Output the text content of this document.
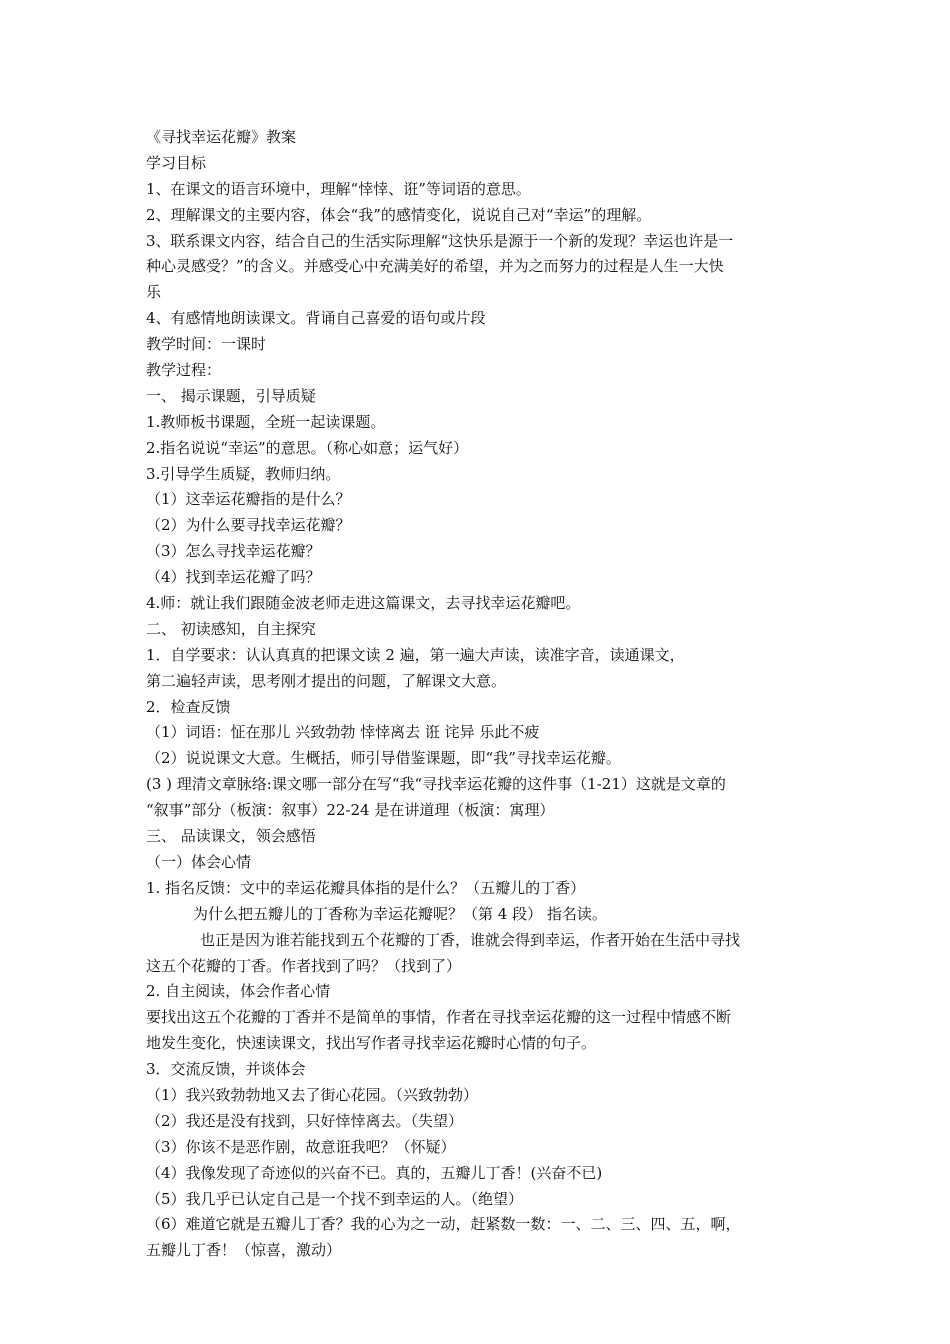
《寻找幸运花瓣》教案
学习目标
1、在课文的语言环境中，理解“悻悻、诳”等词语的意思。
2、理解课文的主要内容，体会“我”的感情变化，说说自己对“幸运”的理解。
3、联系课文内容，结合自己的生活实际理解“这快乐是源于一个新的发现？幸运也许是一
种心灵感受？”的含义。并感受心中充满美好的希望，并为之而努力的过程是人生一大快
乐
4、有感情地朗读课文。背诵自己喜爱的语句或片段
教学时间：一课时
教学过程：
一、 揭示课题，引导质疑
1.教师板书课题，全班一起读课题。
2.指名说说“幸运”的意思。（称心如意；运气好）
3.引导学生质疑，教师归纳。
（1）这幸运花瓣指的是什么？
（2）为什么要寻找幸运花瓣？
（3）怎么寻找幸运花瓣？
（4）找到幸运花瓣了吗？
4.师：就让我们跟随金波老师走进这篇课文，去寻找幸运花瓣吧。
二、 初读感知，自主探究
1．自学要求：认认真真的把课文读 2 遍，第一遍大声读，读准字音，读通课文，
第二遍轻声读，思考刚才提出的问题，了解课文大意。
2．检查反馈
（1）词语：怔在那儿 兴致勃勃 悻悻离去 诳 诧异 乐此不疲
（2）说说课文大意。生概括，师引导借鉴课题，即“我”寻找幸运花瓣。
(3 ) 理清文章脉络:课文哪一部分在写“我“寻找幸运花瓣的这件事（1-21）这就是文章的
“叙事”部分（板演：叙事）22-24 是在讲道理（板演：寓理）
三、 品读课文，领会感悟
（一）体会心情
1. 指名反馈：文中的幸运花瓣具体指的是什么？（五瓣儿的丁香）
为什么把五瓣儿的丁香称为幸运花瓣呢？（第 4 段） 指名读。
也正是因为谁若能找到五个花瓣的丁香，谁就会得到幸运，作者开始在生活中寻找
这五个花瓣的丁香。作者找到了吗？（找到了）
2. 自主阅读，体会作者心情
要找出这五个花瓣的丁香并不是简单的事情，作者在寻找幸运花瓣的这一过程中情感不断
地发生变化，快速读课文，找出写作者寻找幸运花瓣时心情的句子。
3．交流反馈，并谈体会
（1）我兴致勃勃地又去了街心花园。（兴致勃勃）
（2）我还是没有找到，只好悻悻离去。（失望）
（3）你该不是恶作剧，故意诳我吧？（怀疑）
（4）我像发现了奇迹似的兴奋不已。真的，五瓣儿丁香！(兴奋不已)
（5）我几乎已认定自己是一个找不到幸运的人。（绝望）
（6）难道它就是五瓣儿丁香？我的心为之一动，赶紧数一数：一、二、三、四、五，啊，
五瓣儿丁香！（惊喜，激动）
